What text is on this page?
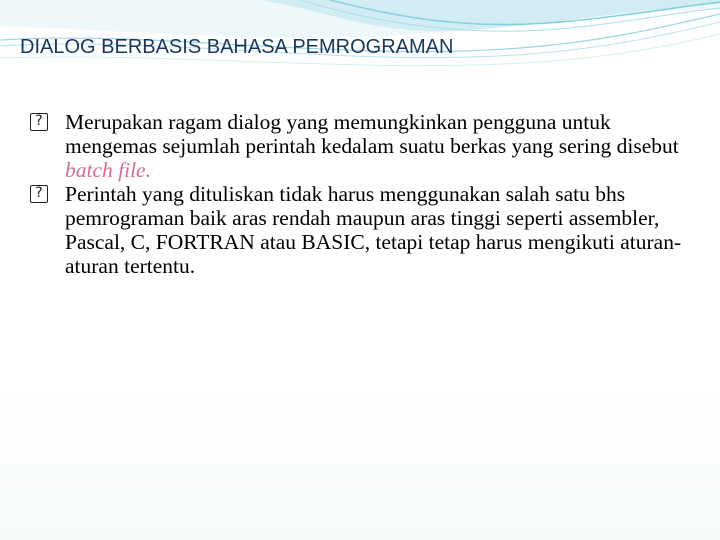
DIALOG BERBASIS BAHASA PEMROGRAMAN

? Merupakan ragam dialog yang memungkinkan pengguna untuk mengemas sejumlah perintah kedalam suatu berkas yang sering disebut batch file.

? Perintah yang dituliskan tidak harus menggunakan salah satu bhs pemrograman baik aras rendah maupun aras tinggi seperti assembler, Pascal, C, FORTRAN atau BASIC, tetapi tetap harus mengikuti aturan-aturan tertentu.
